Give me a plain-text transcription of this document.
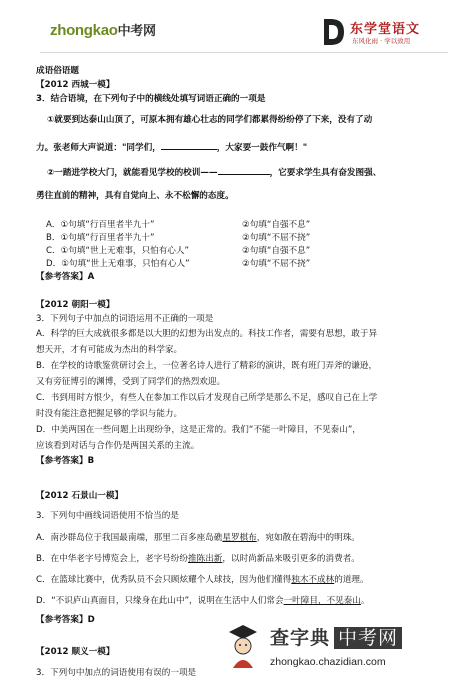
zhongkao中考网	东学堂语文
东风化雨 · 学以致用
成语俗语题
【2012 西城一模】
3．结合语境，在下列句子中的横线处填写词语正确的一项是
①就要到达泰山山顶了，可原本拥有雄心壮志的同学们都累得纷纷停了下来，没有了动
力。张老师大声说道："同学们，	，大家要一鼓作气啊！"
②一踏进学校大门，就能看见学校的校训——	，它要求学生具有奋发图强、
勇往直前的精神，具有自觉向上、永不松懈的态度。
A．①句填“行百里者半九十”	②句填“自强不息”
B．①句填“行百里者半九十”	②句填“不屈不挠”
C．①句填“世上无难事，只怕有心人”	②句填“自强不息”
D．①句填“世上无难事，只怕有心人”	②句填“不屈不挠”
【参考答案】A
【2012 朝阳一模】
3．下列句子中加点的词语运用不正确的一项是
A．科学的巨大成就很多都是以大胆的幻想为出发点的。科技工作者，需要有思想，敢于异
想天开，才有可能成为杰出的科学家。
B．在学校的诗歌鉴赏研讨会上，一位著名诗人进行了精彩的演讲，既有班门弄斧的谦逊，
又有旁征博引的渊博，受到了同学们的热烈欢迎。
C．书到用时方恨少，有些人在参加工作以后才发现自己所学是那么不足，感叹自己在上学
时没有能注意把握足够的学识与能力。
D．中美两国在一些问题上出现纷争，这是正常的。我们“不能一叶障目，不见泰山”，
应该看到对话与合作仍是两国关系的主流。
【参考答案】B
【2012 石景山一模】
3．下列句中画线词语使用不恰当的是
A．南沙群岛位于我国最南端，那里二百多座岛礁星罗棋布，宛如散在碧海中的明珠。
B．在中华老字号博览会上，老字号纷纷推陈出新，以时尚新品来吸引更多的消费者。
C．在篮球比赛中，优秀队员不会只顾炫耀个人球技，因为他们懂得独木不成林的道理。
D．“不识庐山真面目，只缘身在此山中”，说明在生活中人们常会一叶障目，不见泰山。
【参考答案】D
【2012 顺义一模】
3．下列句中加点的词语使用有误的一项是
查字典 中考网
zhongkao.chazidian.com
